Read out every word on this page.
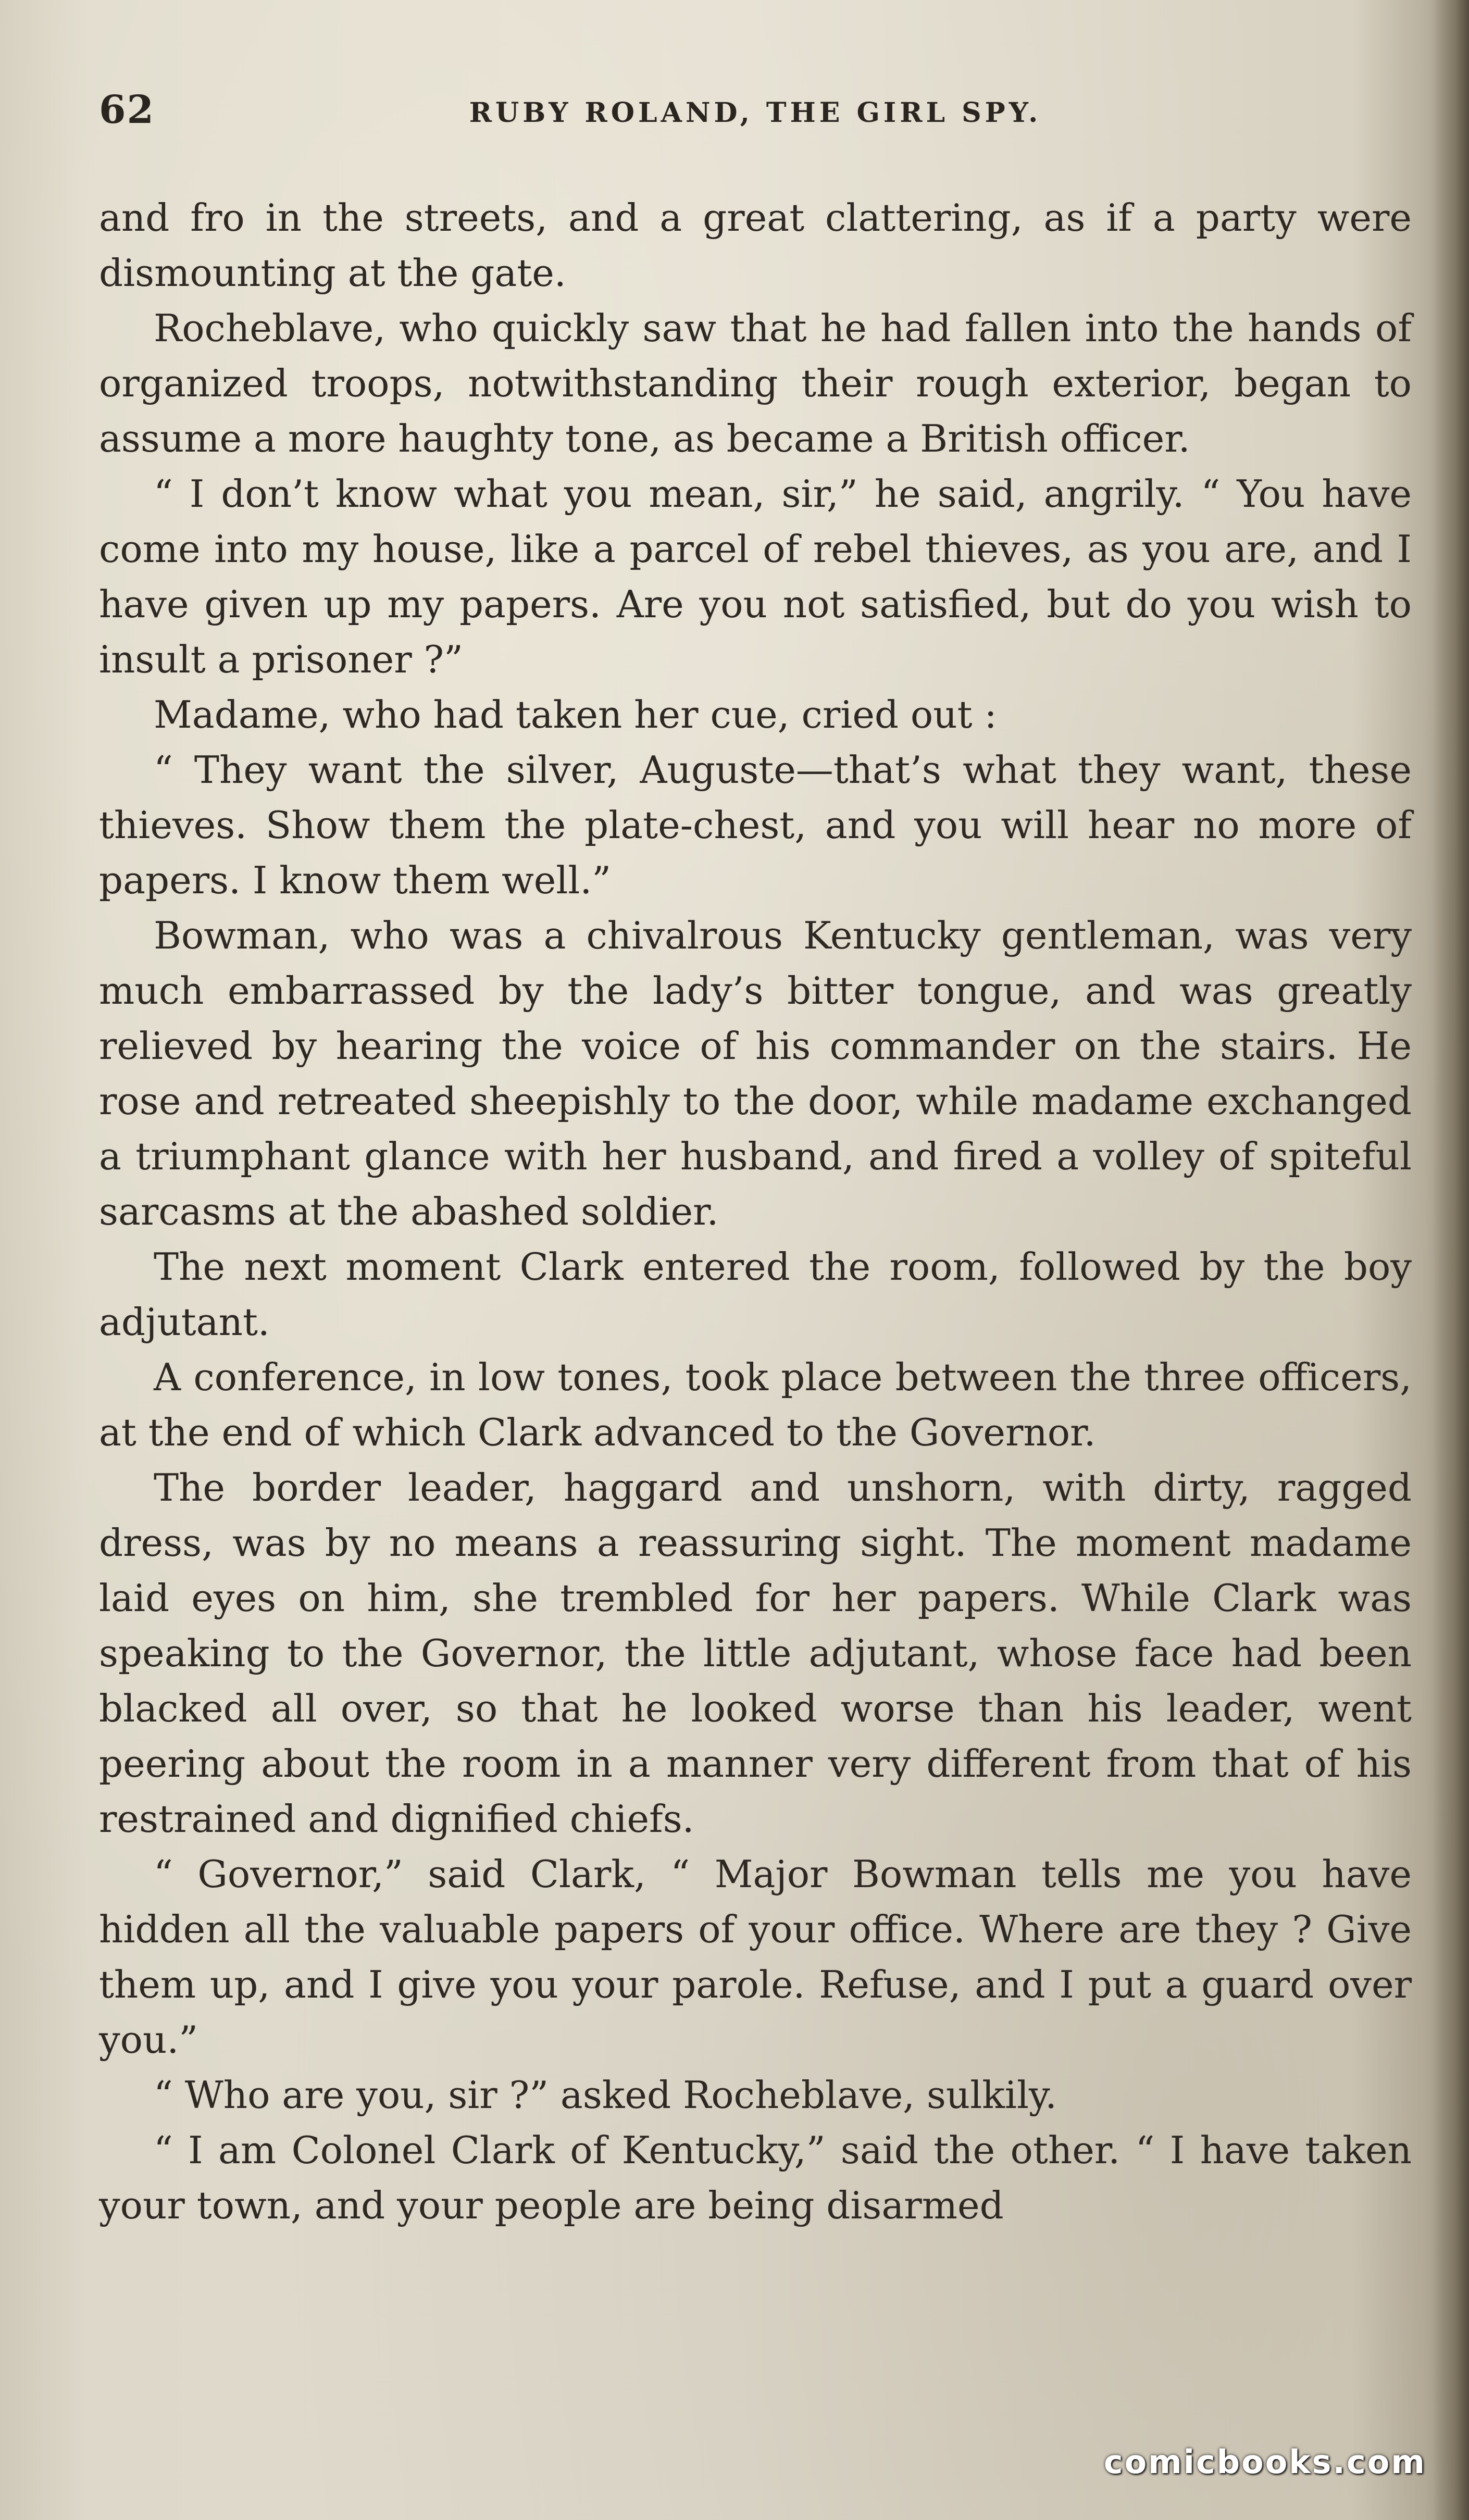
62	RUBY ROLAND, THE GIRL SPY.

and fro in the streets, and a great clattering, as if a party were dismounting at the gate.

Rocheblave, who quickly saw that he had fallen into the hands of organized troops, notwithstanding their rough exterior, began to assume a more haughty tone, as became a British officer.

“ I don’t know what you mean, sir,” he said, angrily. “ You have come into my house, like a parcel of rebel thieves, as you are, and I have given up my papers. Are you not satisfied, but do you wish to insult a prisoner ?”

Madame, who had taken her cue, cried out :

“ They want the silver, Auguste—that’s what they want, these thieves. Show them the plate-chest, and you will hear no more of papers. I know them well.”

Bowman, who was a chivalrous Kentucky gentleman, was very much embarrassed by the lady’s bitter tongue, and was greatly relieved by hearing the voice of his commander on the stairs. He rose and retreated sheepishly to the door, while madame exchanged a triumphant glance with her husband, and fired a volley of spiteful sarcasms at the abashed soldier.

The next moment Clark entered the room, followed by the boy adjutant.

A conference, in low tones, took place between the three officers, at the end of which Clark advanced to the Governor.

The border leader, haggard and unshorn, with dirty, ragged dress, was by no means a reassuring sight. The moment madame laid eyes on him, she trembled for her papers. While Clark was speaking to the Governor, the little adjutant, whose face had been blacked all over, so that he looked worse than his leader, went peering about the room in a manner very different from that of his restrained and dignified chiefs.

“ Governor,” said Clark, “ Major Bowman tells me you have hidden all the valuable papers of your office. Where are they ? Give them up, and I give you your parole. Refuse, and I put a guard over you.”

“ Who are you, sir ?” asked Rocheblave, sulkily.

“ I am Colonel Clark of Kentucky,” said the other. “ I have taken your town, and your people are being disarmed

comicbooks.com
